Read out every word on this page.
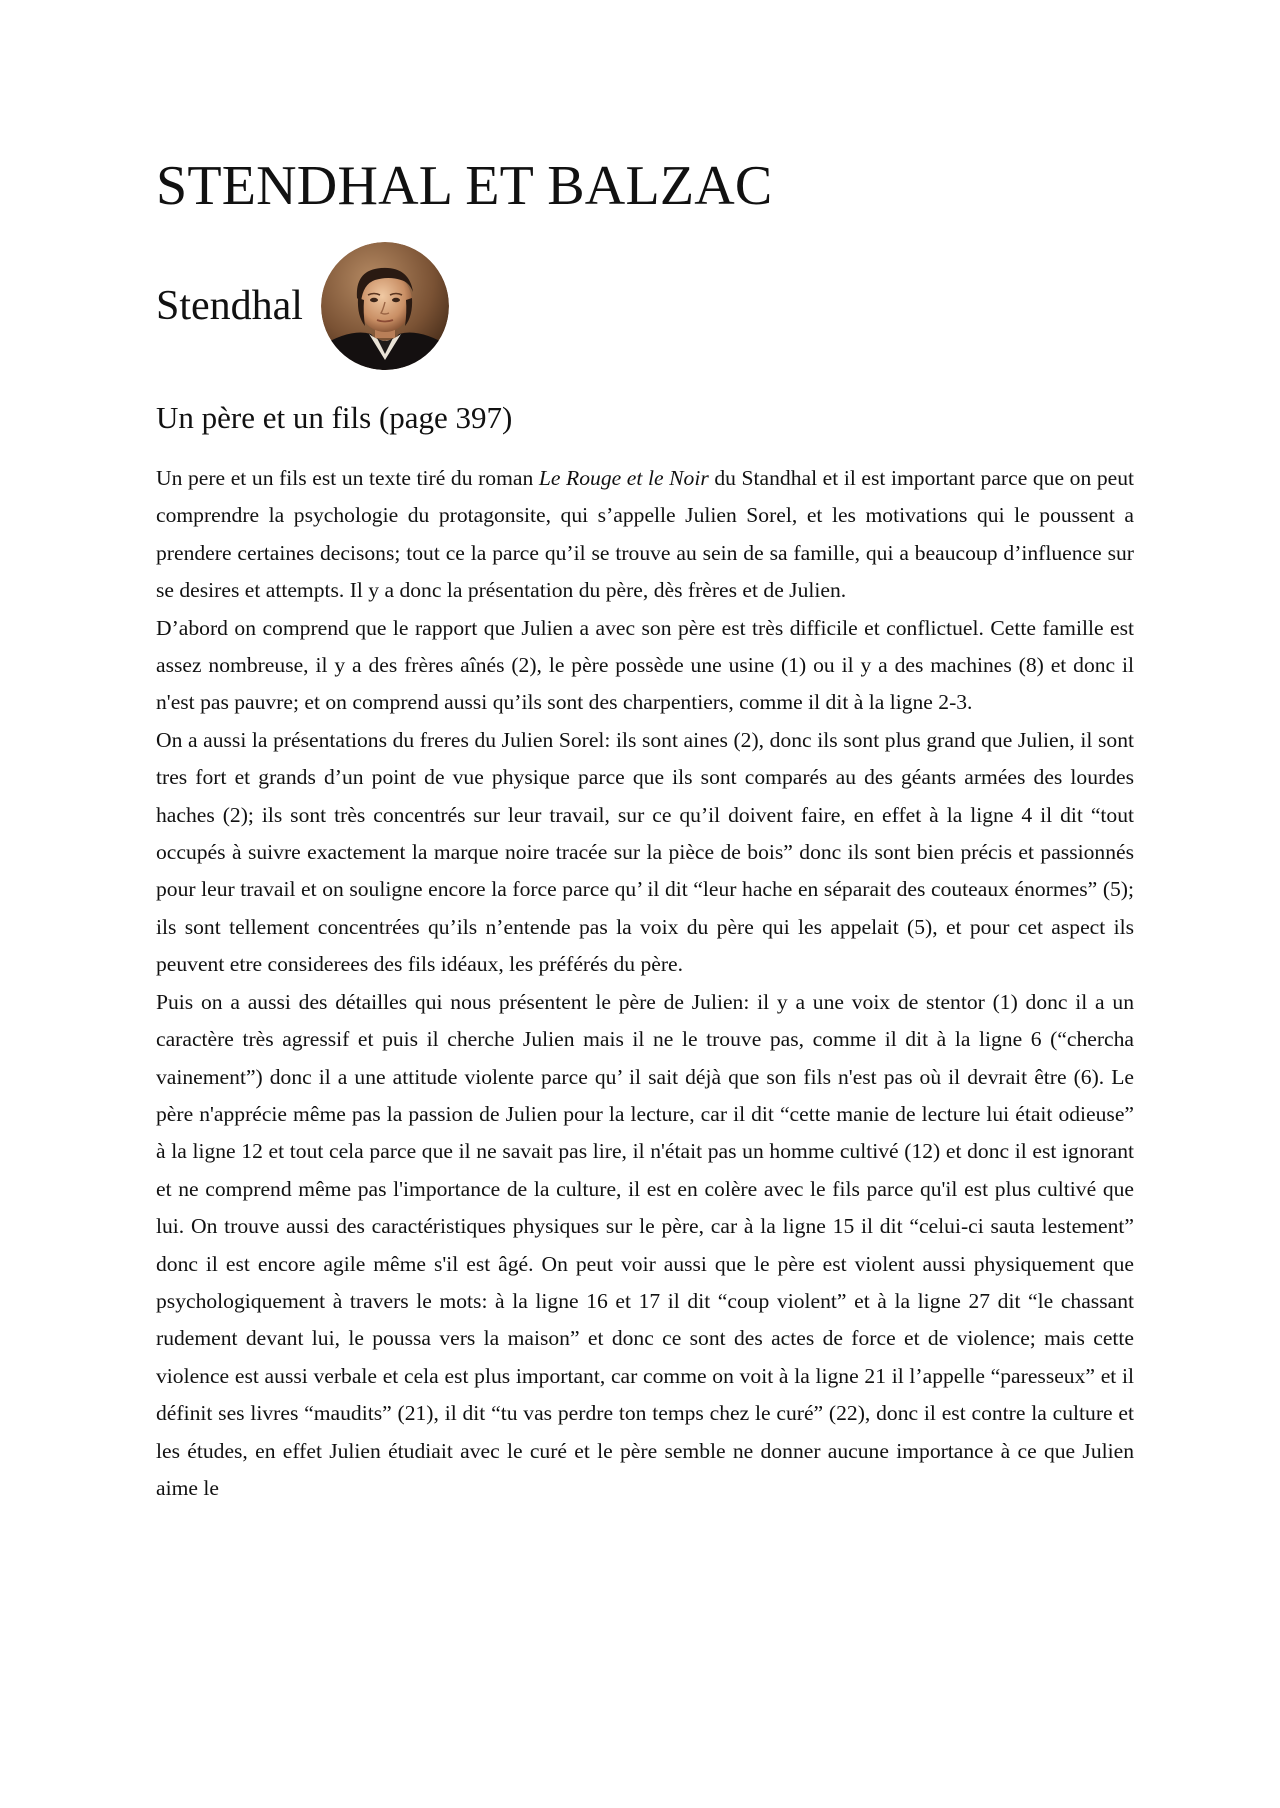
STENDHAL ET BALZAC
Stendhal
Un père et un fils (page 397)

Un pere et un fils est un texte tiré du roman Le Rouge et le Noir du Standhal et il est important parce que on peut comprendre la psychologie du protagonsite, qui s’appelle Julien Sorel, et les motivations qui le poussent a prendere certaines decisons; tout ce la parce qu’il se trouve au sein de sa famille, qui a beaucoup d’influence sur se desires et attempts. Il y a donc la présentation du père, dès frères et de Julien.

D’abord on comprend que le rapport que Julien a avec son père est très difficile et conflictuel. Cette famille est assez nombreuse, il y a des frères aînés (2), le père possède une usine (1) ou il y a des machines (8) et donc il n'est pas pauvre; et on comprend aussi qu’ils sont des charpentiers, comme il dit à la ligne 2-3.

On a aussi la présentations du freres du Julien Sorel: ils sont aines (2), donc ils sont plus grand que Julien, il sont tres fort et grands d’un point de vue physique parce que ils sont comparés au des géants armées des lourdes haches (2); ils sont très concentrés sur leur travail, sur ce qu’il doivent faire, en effet à la ligne 4 il dit “tout occupés à suivre exactement la marque noire tracée sur la pièce de bois” donc ils sont bien précis et passionnés pour leur travail et on souligne encore la force parce qu’ il dit “leur hache en séparait des couteaux énormes” (5); ils sont tellement concentrées qu’ils n’entende pas la voix du père qui les appelait (5), et pour cet aspect ils peuvent etre considerees des fils idéaux, les préférés du père.

Puis on a aussi des détailles qui nous présentent le père de Julien: il y a une voix de stentor (1) donc il a un caractère très agressif et puis il cherche Julien mais il ne le trouve pas, comme il dit à la ligne 6 (“chercha vainement”) donc il a une attitude violente parce qu’ il sait déjà que son fils n'est pas où il devrait être (6). Le père n'apprécie même pas la passion de Julien pour la lecture, car il dit “cette manie de lecture lui était odieuse” à la ligne 12 et tout cela parce que il ne savait pas lire, il n'était pas un homme cultivé (12) et donc il est ignorant et ne comprend même pas l'importance de la culture, il est en colère avec le fils parce qu'il est plus cultivé que lui. On trouve aussi des caractéristiques physiques sur le père, car à la ligne 15 il dit “celui-ci sauta lestement” donc il est encore agile même s'il est âgé. On peut voir aussi que le père est violent aussi physiquement que psychologiquement à travers le mots: à la ligne 16 et 17 il dit “coup violent” et à la ligne 27 dit “le chassant rudement devant lui, le poussa vers la maison” et donc ce sont des actes de force et de violence; mais cette violence est aussi verbale et cela est plus important, car comme on voit à la ligne 21 il l’appelle “paresseux” et il définit ses livres “maudits” (21), il dit “tu vas perdre ton temps chez le curé” (22), donc il est contre la culture et les études, en effet Julien étudiait avec le curé et le père semble ne donner aucune importance à ce que Julien aime le
